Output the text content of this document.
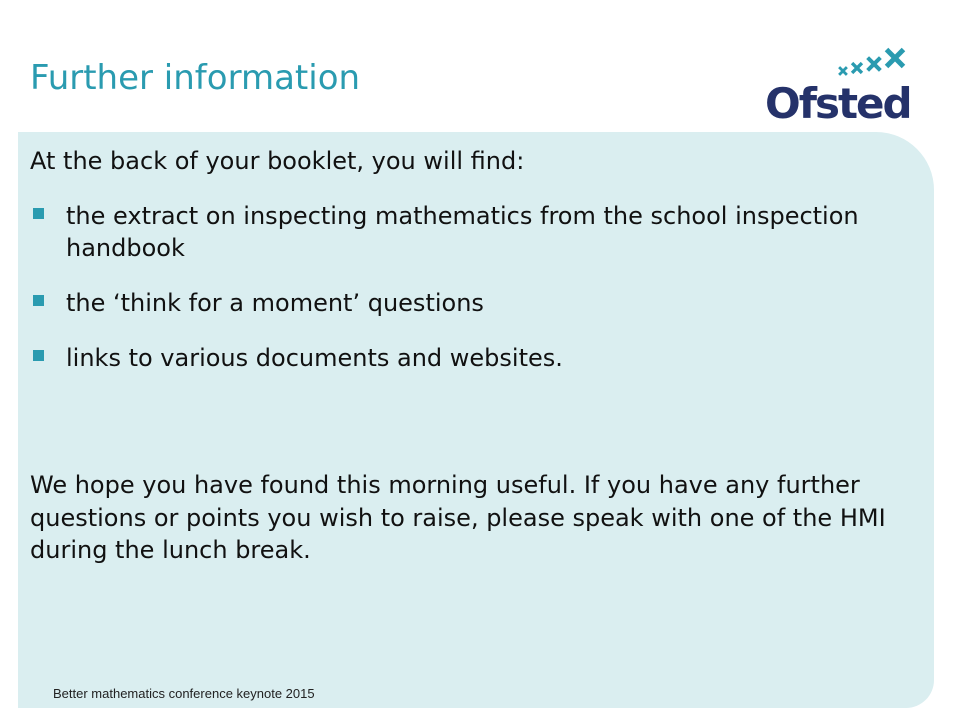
Further information
Ofsted

At the back of your booklet, you will find:

the extract on inspecting mathematics from the school inspection handbook
the ‘think for a moment’ questions
links to various documents and websites.

We hope you have found this morning useful. If you have any further questions or points you wish to raise, please speak with one of the HMI during the lunch break.

Better mathematics conference keynote 2015
